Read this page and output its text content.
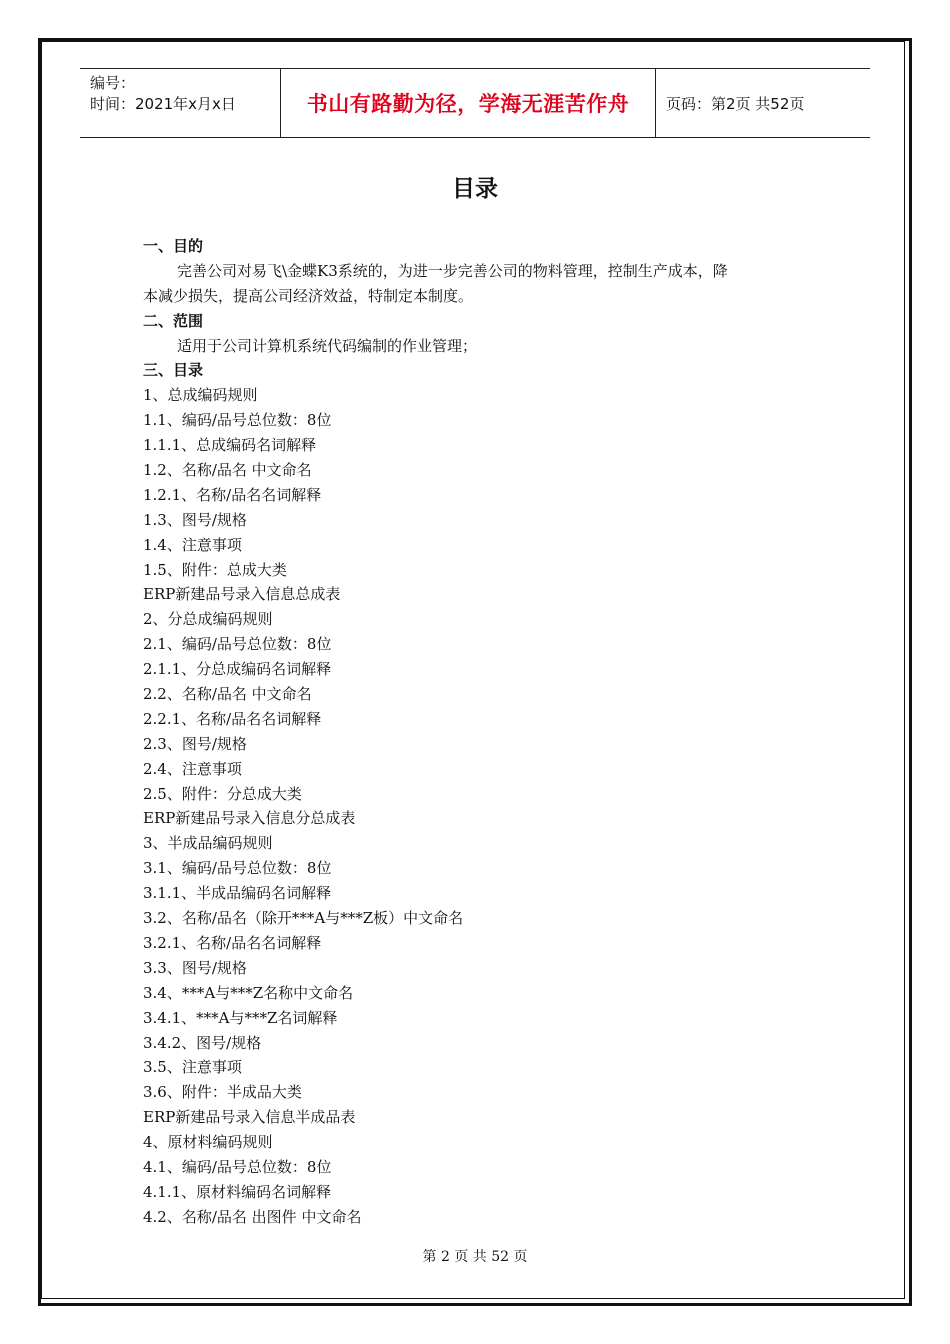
编号：
时间：2021年x月x日	书山有路勤为径，学海无涯苦作舟	页码：第2页 共52页
目录
一、目的
完善公司对易飞\金蝶K3系统的，为进一步完善公司的物料管理，控制生产成本，降
本减少损失，提高公司经济效益，特制定本制度。
二、范围
适用于公司计算机系统代码编制的作业管理；
三、目录
1、总成编码规则
1.1、编码/品号总位数：8位
1.1.1、总成编码名词解释
1.2、名称/品名 中文命名
1.2.1、名称/品名名词解释
1.3、图号/规格
1.4、注意事项
1.5、附件：总成大类
ERP新建品号录入信息总成表
2、分总成编码规则
2.1、编码/品号总位数：8位
2.1.1、分总成编码名词解释
2.2、名称/品名 中文命名
2.2.1、名称/品名名词解释
2.3、图号/规格
2.4、注意事项
2.5、附件：分总成大类
ERP新建品号录入信息分总成表
3、半成品编码规则
3.1、编码/品号总位数：8位
3.1.1、半成品编码名词解释
3.2、名称/品名（除开***A与***Z板）中文命名
3.2.1、名称/品名名词解释
3.3、图号/规格
3.4、***A与***Z名称中文命名
3.4.1、***A与***Z名词解释
3.4.2、图号/规格
3.5、注意事项
3.6、附件：半成品大类
ERP新建品号录入信息半成品表
4、原材料编码规则
4.1、编码/品号总位数：8位
4.1.1、原材料编码名词解释
4.2、名称/品名 出图件 中文命名
第 2 页 共 52 页
